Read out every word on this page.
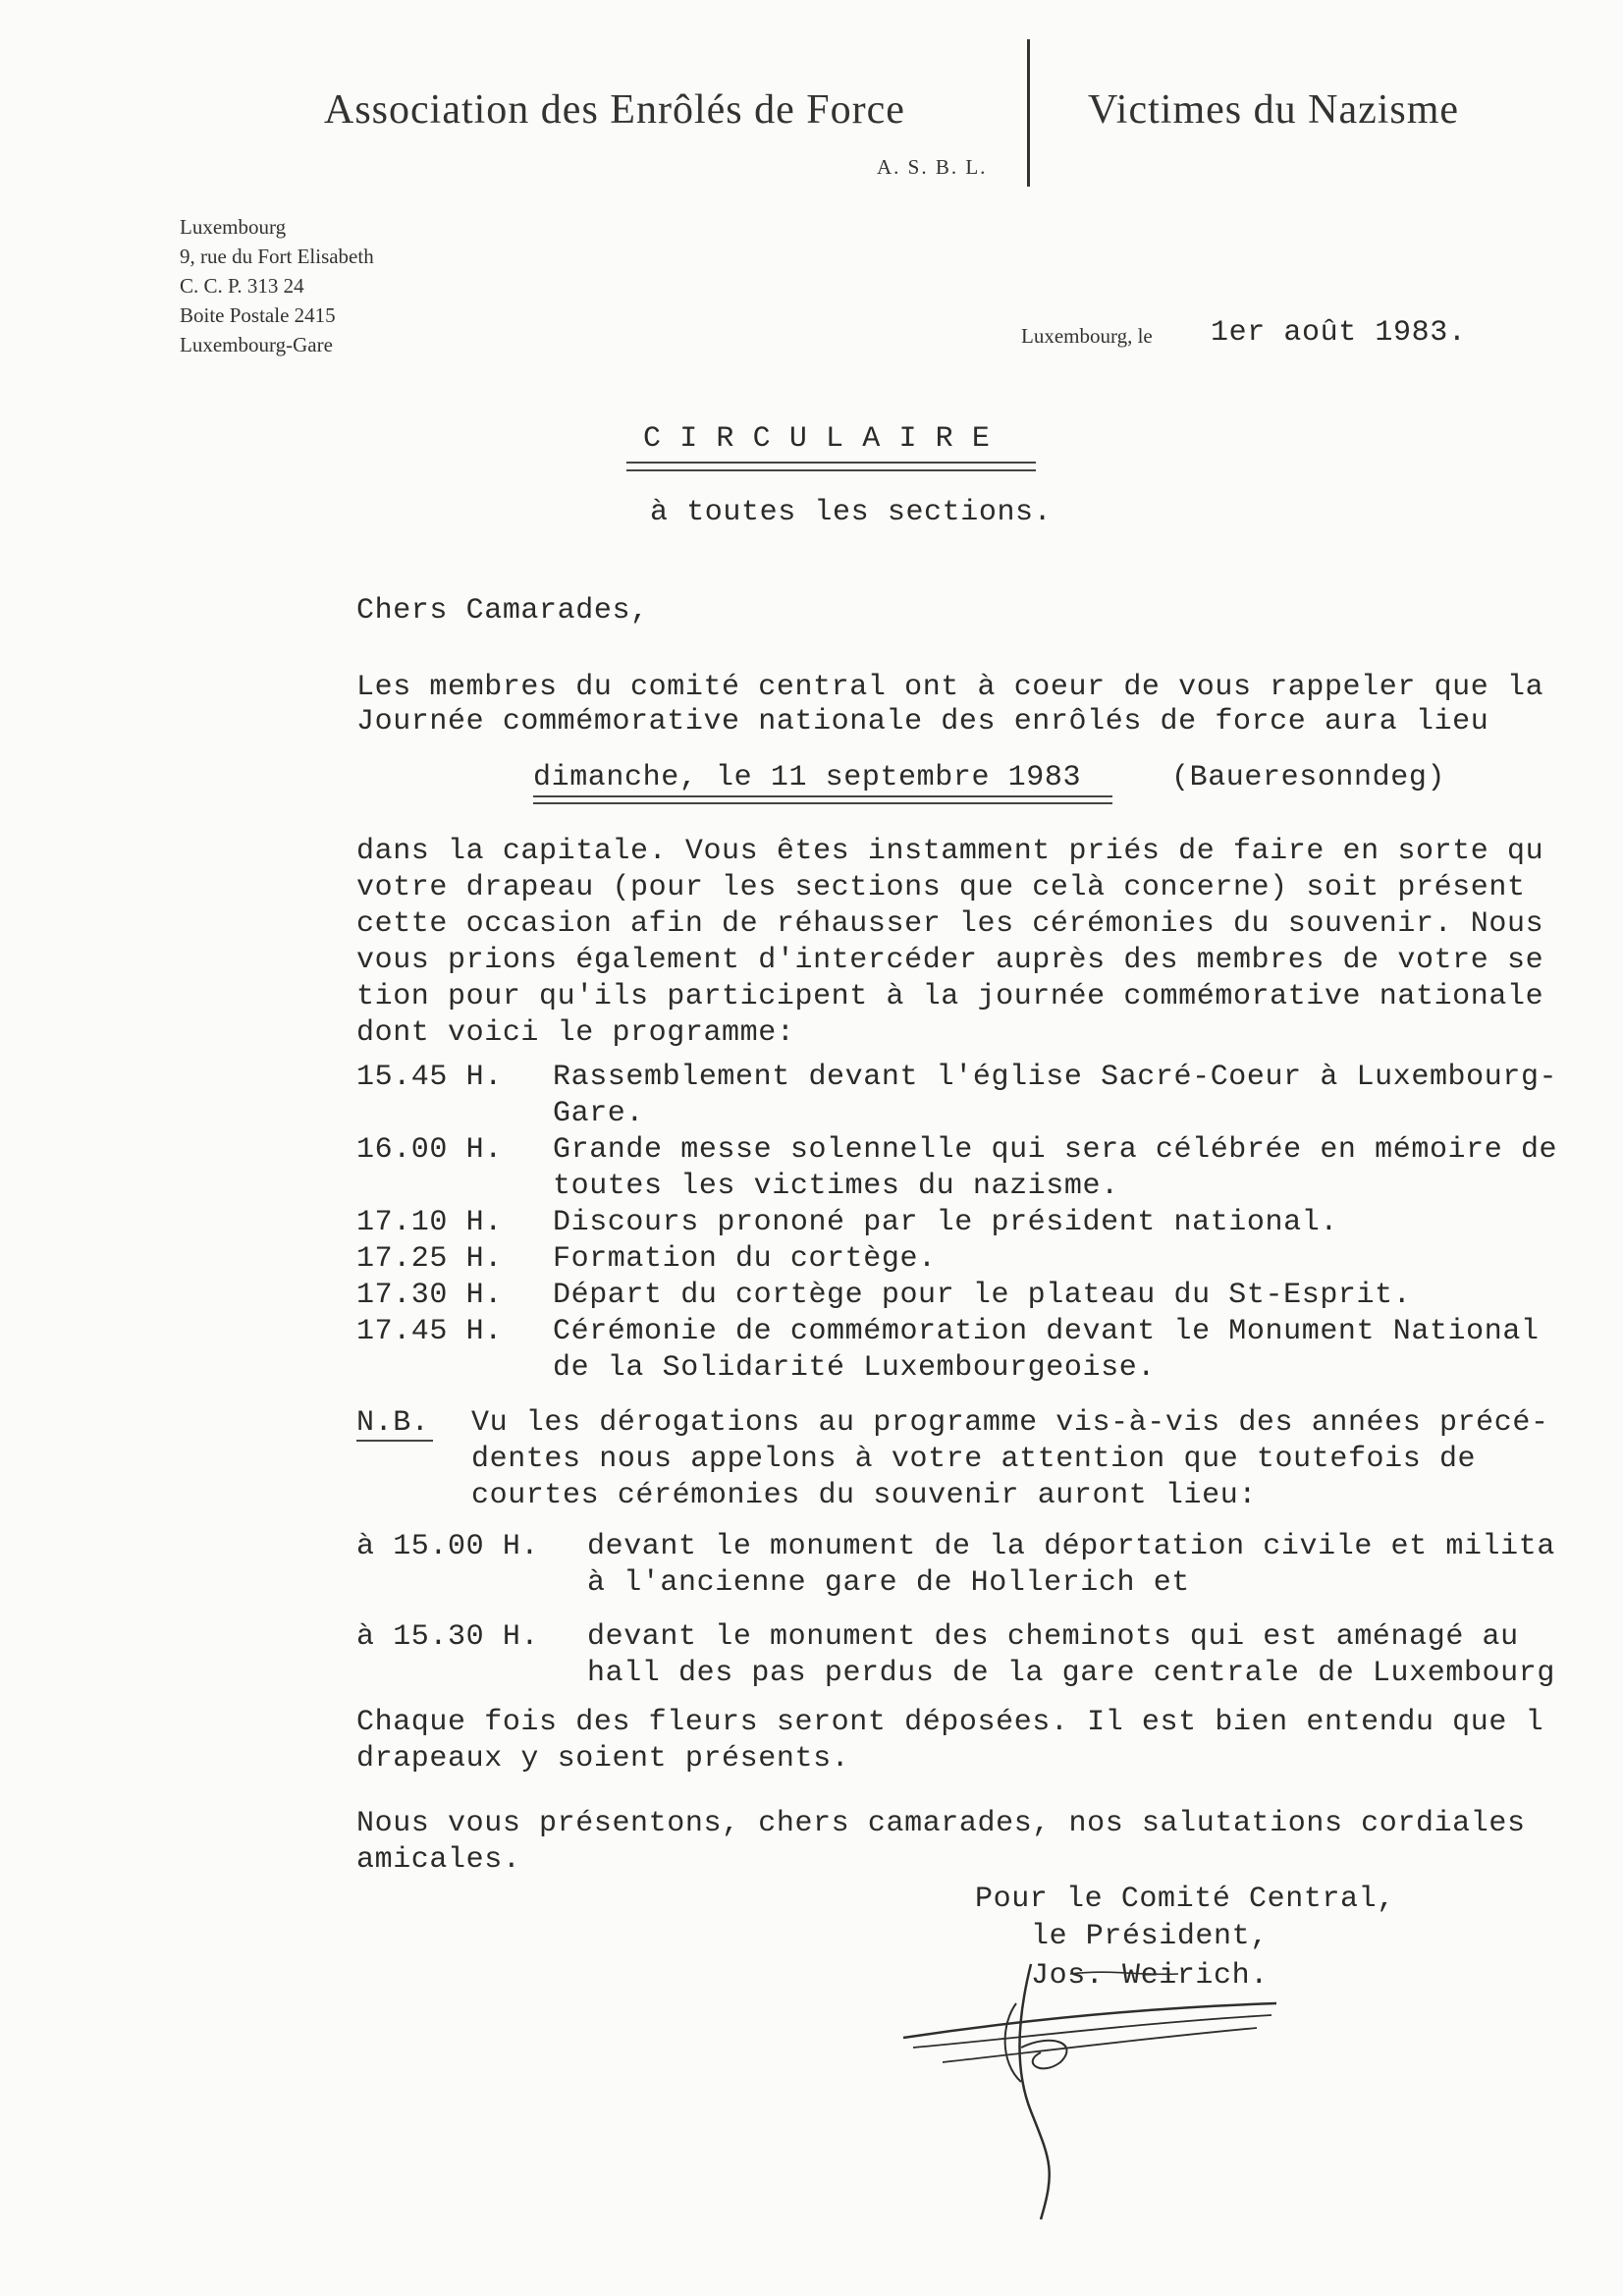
Association des Enrôlés de Force
A. S. B. L.
Victimes du Nazisme
Luxembourg
9, rue du Fort Elisabeth
C. C. P. 313 24
Boite Postale 2415
Luxembourg-Gare	Luxembourg, le 1er août 1983.
C I R C U L A I R E
à toutes les sections.
Chers Camarades,
Les membres du comité central ont à coeur de vous rappeler que la
Journée commémorative nationale des enrôlés de force aura lieu
dimanche, le 11 septembre 1983	(Baueresonndeg)
dans la capitale. Vous êtes instamment priés de faire en sorte qu
votre drapeau (pour les sections que celà concerne) soit présent
cette occasion afin de réhausser les cérémonies du souvenir. Nous
vous prions également d'intercéder auprès des membres de votre se
tion pour qu'ils participent à la journée commémorative nationale
dont voici le programme:
15.45 H. Rassemblement devant l'église Sacré-Coeur à Luxembourg-
Gare.
16.00 H. Grande messe solennelle qui sera célébrée en mémoire de
toutes les victimes du nazisme.
17.10 H. Discours prononé par le président national.
17.25 H. Formation du cortège.
17.30 H. Départ du cortège pour le plateau du St-Esprit.
17.45 H. Cérémonie de commémoration devant le Monument National
de la Solidarité Luxembourgeoise.
N.B. Vu les dérogations au programme vis-à-vis des années précé-
dentes nous appelons à votre attention que toutefois de
courtes cérémonies du souvenir auront lieu:
à 15.00 H. devant le monument de la déportation civile et milita
à l'ancienne gare de Hollerich et
à 15.30 H. devant le monument des cheminots qui est aménagé au
hall des pas perdus de la gare centrale de Luxembourg
Chaque fois des fleurs seront déposées. Il est bien entendu que l
drapeaux y soient présents.
Nous vous présentons, chers camarades, nos salutations cordiales
amicales.
Pour le Comité Central,
le Président,
Jos. Weirich.
